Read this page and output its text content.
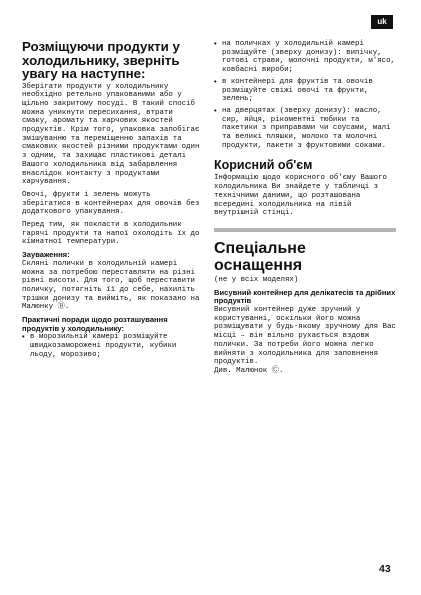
uk

Розміщуючи продукти у холодильнику, зверніть увагу на наступне:

Зберігати продукти у холодильнику необхідно ретельно упакованими або у щільно закритому посуді. В такий спосіб можна уникнути пересихання, втрати смаку, аромату та харчових якостей продуктів. Крім того, упаковка запобігає змішуванню та переміщенню запахів та смакових якостей різними продуктами один з одним, та захищає пластикові деталі Вашого холодильника від забарвлення внаслідок контакту з продуктами харчування.

Овочі, фрукти і зелень можуть зберігатися в контейнерах для овочів без додаткового упакування.

Перед тим, як покласти в холодильник гарячі продукти та напої охолодіть їх до кімнатної температури.

Зауваження:

Скляні полички в холодильній камері можна за потребою переставляти на різні рівні висоти. Для того, щоб переставити поличку, потягніть її до себе, нахиліть трішки донизу та вийміть, як показано на Малюнку Ⓑ.

Практичні поради щодо розташування продуктів у холодильнику:

• в морозильній камері розміщуйте швидкозаморожені продукти, кубики льоду, морозиво;
• на поличках у холодильній камері розміщуйте (зверху донизу): випічку, готові страви, молочні продукти, м'ясо, ковбасні вироби;
• в контейнері для фруктів та овочів розміщуйте свіжі овочі та фрукти, зелень;
• на дверцятах (зверху донизу): масло, сир, яйця, рікоментні тюбики та пакетики з приправами чи соусами, малі та великі пляшки, молоко та молочні продукти, пакети з фруктовими соками.

Корисний об'єм

Інформацію щодо корисного об'єму Вашого холодильника Ви знайдете у табличці з технічними даними, що розташована всередині холодильника на лівій внутрішній стінці.

Спеціальне оснащення

(не у всіх моделях)

Висувний контейнер для делікатесів та дрібних продуктів

Висувний контейнер дуже зручний у користуванні, оскільки його можна розміщувати у будь-якому зручному для Вас місці – він вільно рухається вздовж полички. За потреби його можна легко вийняти з холодильника для заповнення продуктів.
Див. Малюнок Ⓒ.

43
